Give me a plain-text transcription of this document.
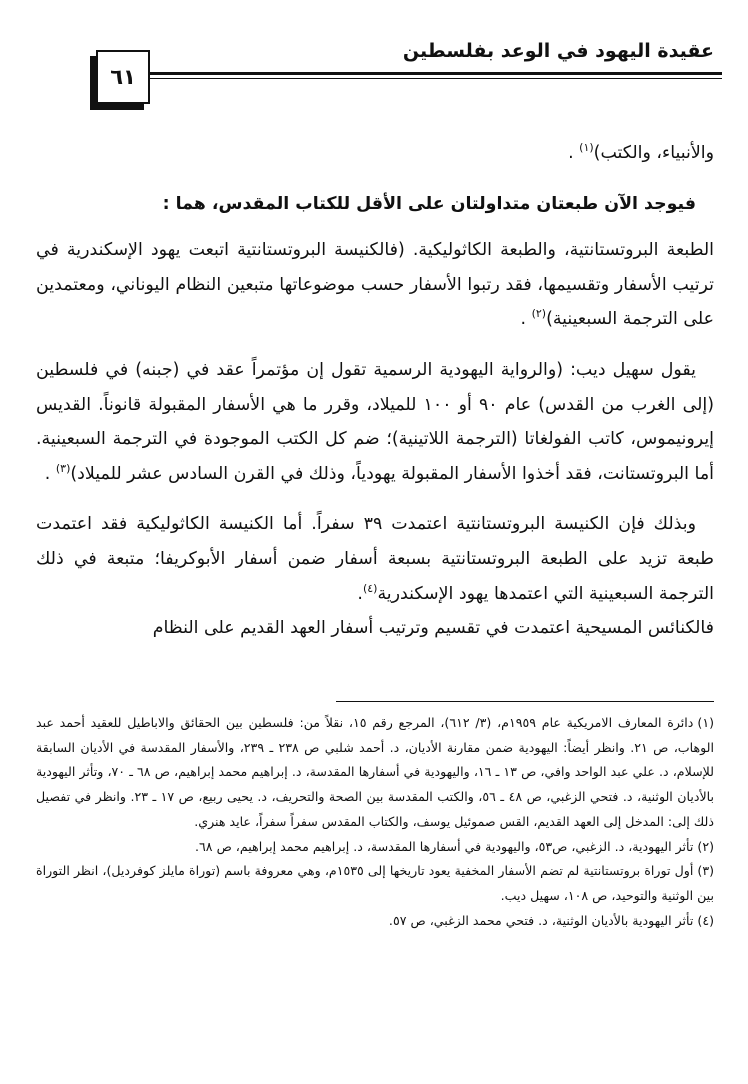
عقيدة اليهود في الوعد بفلسطين
٦١

والأنبياء، والكتب)$^{(١)}$ .

فيوجد الآن طبعتان متداولتان على الأقل للكتاب المقدس، هما :

الطبعة البروتستانتية، والطبعة الكاثوليكية. (فالكنيسة البروتستانتية اتبعت يهود الإسكندرية في ترتيب الأسفار وتقسيمها، فقد رتبوا الأسفار حسب موضوعاتها متبعين النظام اليوناني، ومعتمدين على الترجمة السبعينية)$^{(٢)}$ .

يقول سهيل ديب: (والرواية اليهودية الرسمية تقول إن مؤتمراً عقد في (جبنه) في فلسطين (إلى الغرب من القدس) عام ٩٠ أو ١٠٠ للميلاد، وقرر ما هي الأسفار المقبولة قانوناً. القديس إيرونيموس، كاتب الفولغاتا (الترجمة اللاتينية)؛ ضم كل الكتب الموجودة في الترجمة السبعينية. أما البروتستانت، فقد أخذوا الأسفار المقبولة يهودياً، وذلك في القرن السادس عشر للميلاد)$^{(٣)}$ .

وبذلك فإن الكنيسة البروتستانتية اعتمدت ٣٩ سفراً. أما الكنيسة الكاثوليكية فقد اعتمدت طبعة تزيد على الطبعة البروتستانتية بسبعة أسفار ضمن أسفار الأبوكريفا؛ متبعة في ذلك الترجمة السبعينية التي اعتمدها يهود الإسكندرية$^{(٤)}$.

فالكنائس المسيحية اعتمدت في تقسيم وترتيب أسفار العهد القديم على النظام

(١)دائرة المعارف الامريكية عام ١٩٥٩م، (٣/ ٦١٢)، المرجع رقم ١٥، نقلاً من: فلسطين بين الحقائق والاباطيل للعقيد أحمد عبد الوهاب، ص ٢١. وانظر أيضاً: اليهودية ضمن مقارنة الأديان، د. أحمد شلبي ص ٢٣٨ ـ ٢٣٩، والأسفار المقدسة في الأديان السابقة للإسلام، د. علي عبد الواحد وافي، ص ١٣ ـ ١٦، واليهودية في أسفارها المقدسة، د. إبراهيم محمد إبراهيم، ص ٦٨ ـ ٧٠، وتأثر اليهودية بالأديان الوثنية، د. فتحي الزغبي، ص ٤٨ ـ ٥٦، والكتب المقدسة بين الصحة والتحريف، د. يحيى ربيع، ص ١٧ ـ ٢٣. وانظر في تفصيل ذلك إلى: المدخل إلى العهد القديم، القس صموئيل يوسف، والكتاب المقدس سفراً سفراً، عايد هنري.

(٢)تأثر اليهودية، د. الزغبي، ص٥٣، واليهودية في أسفارها المقدسة، د. إبراهيم محمد إبراهيم، ص ٦٨.

(٣)أول توراة بروتستانتية لم تضم الأسفار المخفية يعود تاريخها إلى ١٥٣٥م، وهي معروفة باسم (توراة مايلز كوفرديل)، انظر التوراة بين الوثنية والتوحيد، ص ١٠٨، سهيل ديب.

(٤)تأثر اليهودية بالأديان الوثنية، د. فتحي محمد الزغبي، ص ٥٧.
